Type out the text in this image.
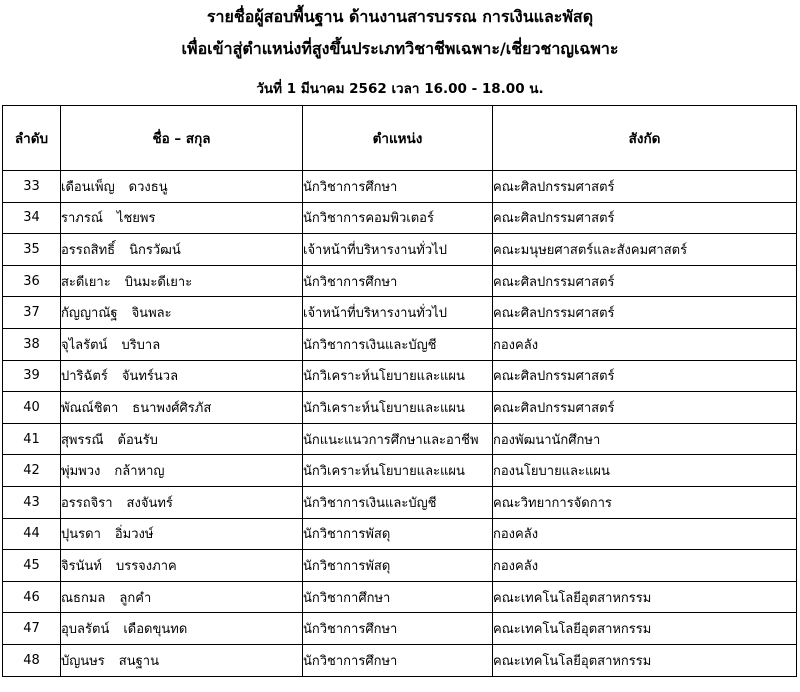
รายชื่อผู้สอบพื้นฐาน ด้านงานสารบรรณ การเงินและพัสดุ
เพื่อเข้าสู่ตำแหน่งที่สูงขึ้นประเภทวิชาชีพเฉพาะ/เชี่ยวชาญเฉพาะ
วันที่ 1 มีนาคม 2562 เวลา 16.00 - 18.00 น.
ลำดับ	ชื่อ – สกุล	ตำแหน่ง	สังกัด
33	เดือนเพ็ญ ดวงธนู	นักวิชาการศึกษา	คณะศิลปกรรมศาสตร์
34	ราภรณ์ ไชยพร	นักวิชาการคอมพิวเตอร์	คณะศิลปกรรมศาสตร์
35	อรรถสิทธิ์ นิกรวัฒน์	เจ้าหน้าที่บริหารงานทั่วไป	คณะมนุษยศาสตร์และสังคมศาสตร์
36	สะดีเยาะ บินมะดีเยาะ	นักวิชาการศึกษา	คณะศิลปกรรมศาสตร์
37	กัญญาณัฐ จินพละ	เจ้าหน้าที่บริหารงานทั่วไป	คณะศิลปกรรมศาสตร์
38	จุไลรัตน์ บริบาล	นักวิชาการเงินและบัญชี	กองคลัง
39	ปาริฉัตร์ จันทร์นวล	นักวิเคราะห์นโยบายและแผน	คณะศิลปกรรมศาสตร์
40	พัณณ์ชิตา ธนาพงศ์ศิรภัส	นักวิเคราะห์นโยบายและแผน	คณะศิลปกรรมศาสตร์
41	สุพรรณี ต้อนรับ	นักแนะแนวการศึกษาและอาชีพ	กองพัฒนานักศึกษา
42	พุ่มพวง กล้าหาญ	นักวิเคราะห์นโยบายและแผน	กองนโยบายและแผน
43	อรรถจิรา สงจันทร์	นักวิชาการเงินและบัญชี	คณะวิทยาการจัดการ
44	ปุนรดา อิ่มวงษ์	นักวิชาการพัสดุ	กองคลัง
45	จิรนันท์ บรรจงภาค	นักวิชาการพัสดุ	กองคลัง
46	ณธกมล ลูกคำ	นักวิชากาศึกษา	คณะเทคโนโลยีอุตสาหกรรม
47	อุบลรัตน์ เดือดขุนทด	นักวิชาการศึกษา	คณะเทคโนโลยีอุตสาหกรรม
48	บัญนษร สนฐาน	นักวิชาการศึกษา	คณะเทคโนโลยีอุตสาหกรรม
